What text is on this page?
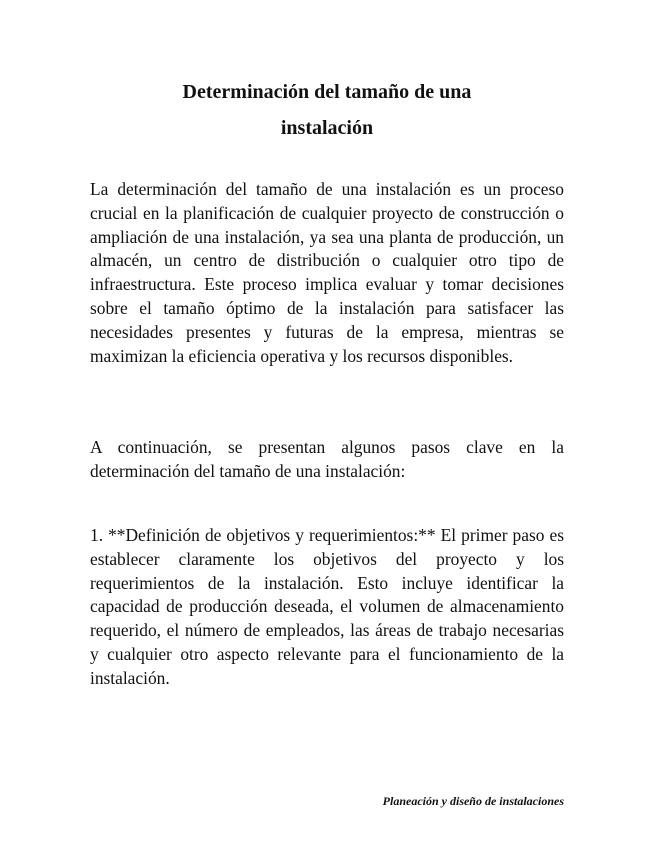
Determinación del tamaño de una
instalación

La determinación del tamaño de una instalación es un proceso crucial en la planificación de cualquier proyecto de construcción o ampliación de una instalación, ya sea una planta de producción, un almacén, un centro de distribución o cualquier otro tipo de infraestructura. Este proceso implica evaluar y tomar decisiones sobre el tamaño óptimo de la instalación para satisfacer las necesidades presentes y futuras de la empresa, mientras se maximizan la eficiencia operativa y los recursos disponibles.

A continuación, se presentan algunos pasos clave en la determinación del tamaño de una instalación:

1. **Definición de objetivos y requerimientos:** El primer paso es establecer claramente los objetivos del proyecto y los requerimientos de la instalación. Esto incluye identificar la capacidad de producción deseada, el volumen de almacenamiento requerido, el número de empleados, las áreas de trabajo necesarias y cualquier otro aspecto relevante para el funcionamiento de la instalación.

Planeación y diseño de instalaciones
